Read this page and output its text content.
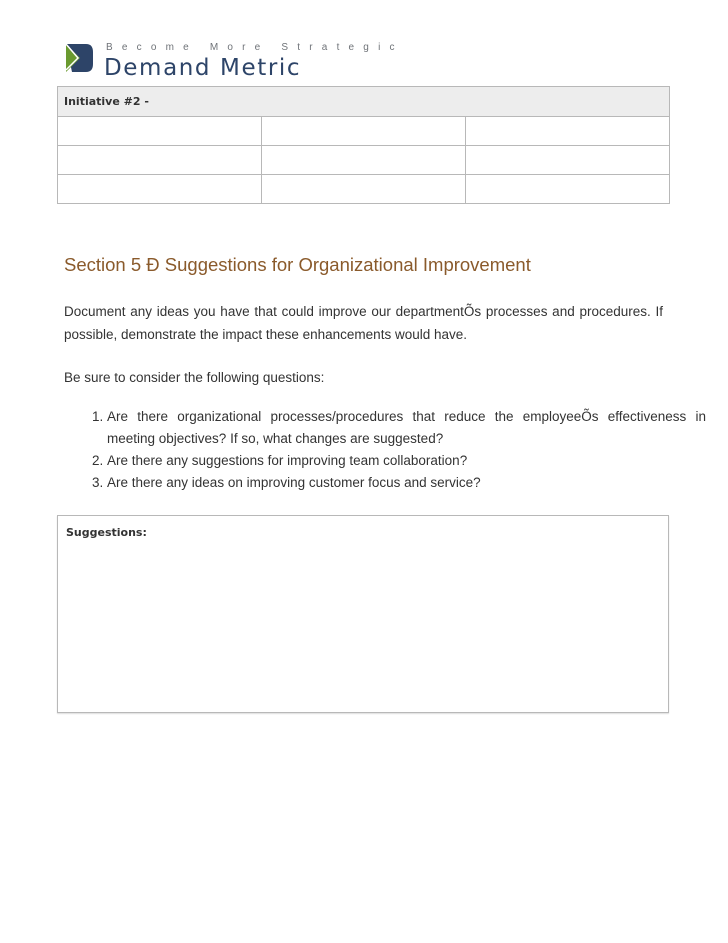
Become More Strategic
Demand Metric
Initiative #2 -		

Section 5 Ð Suggestions for Organizational Improvement

Document any ideas you have that could improve our departmentÕs processes and procedures. If possible, demonstrate the impact these enhancements would have.

Be sure to consider the following questions:

1. Are there organizational processes/procedures that reduce the employeeÕs effectiveness in meeting objectives? If so, what changes are suggested?
2. Are there any suggestions for improving team collaboration?
3. Are there any ideas on improving customer focus and service?
Suggestions:
